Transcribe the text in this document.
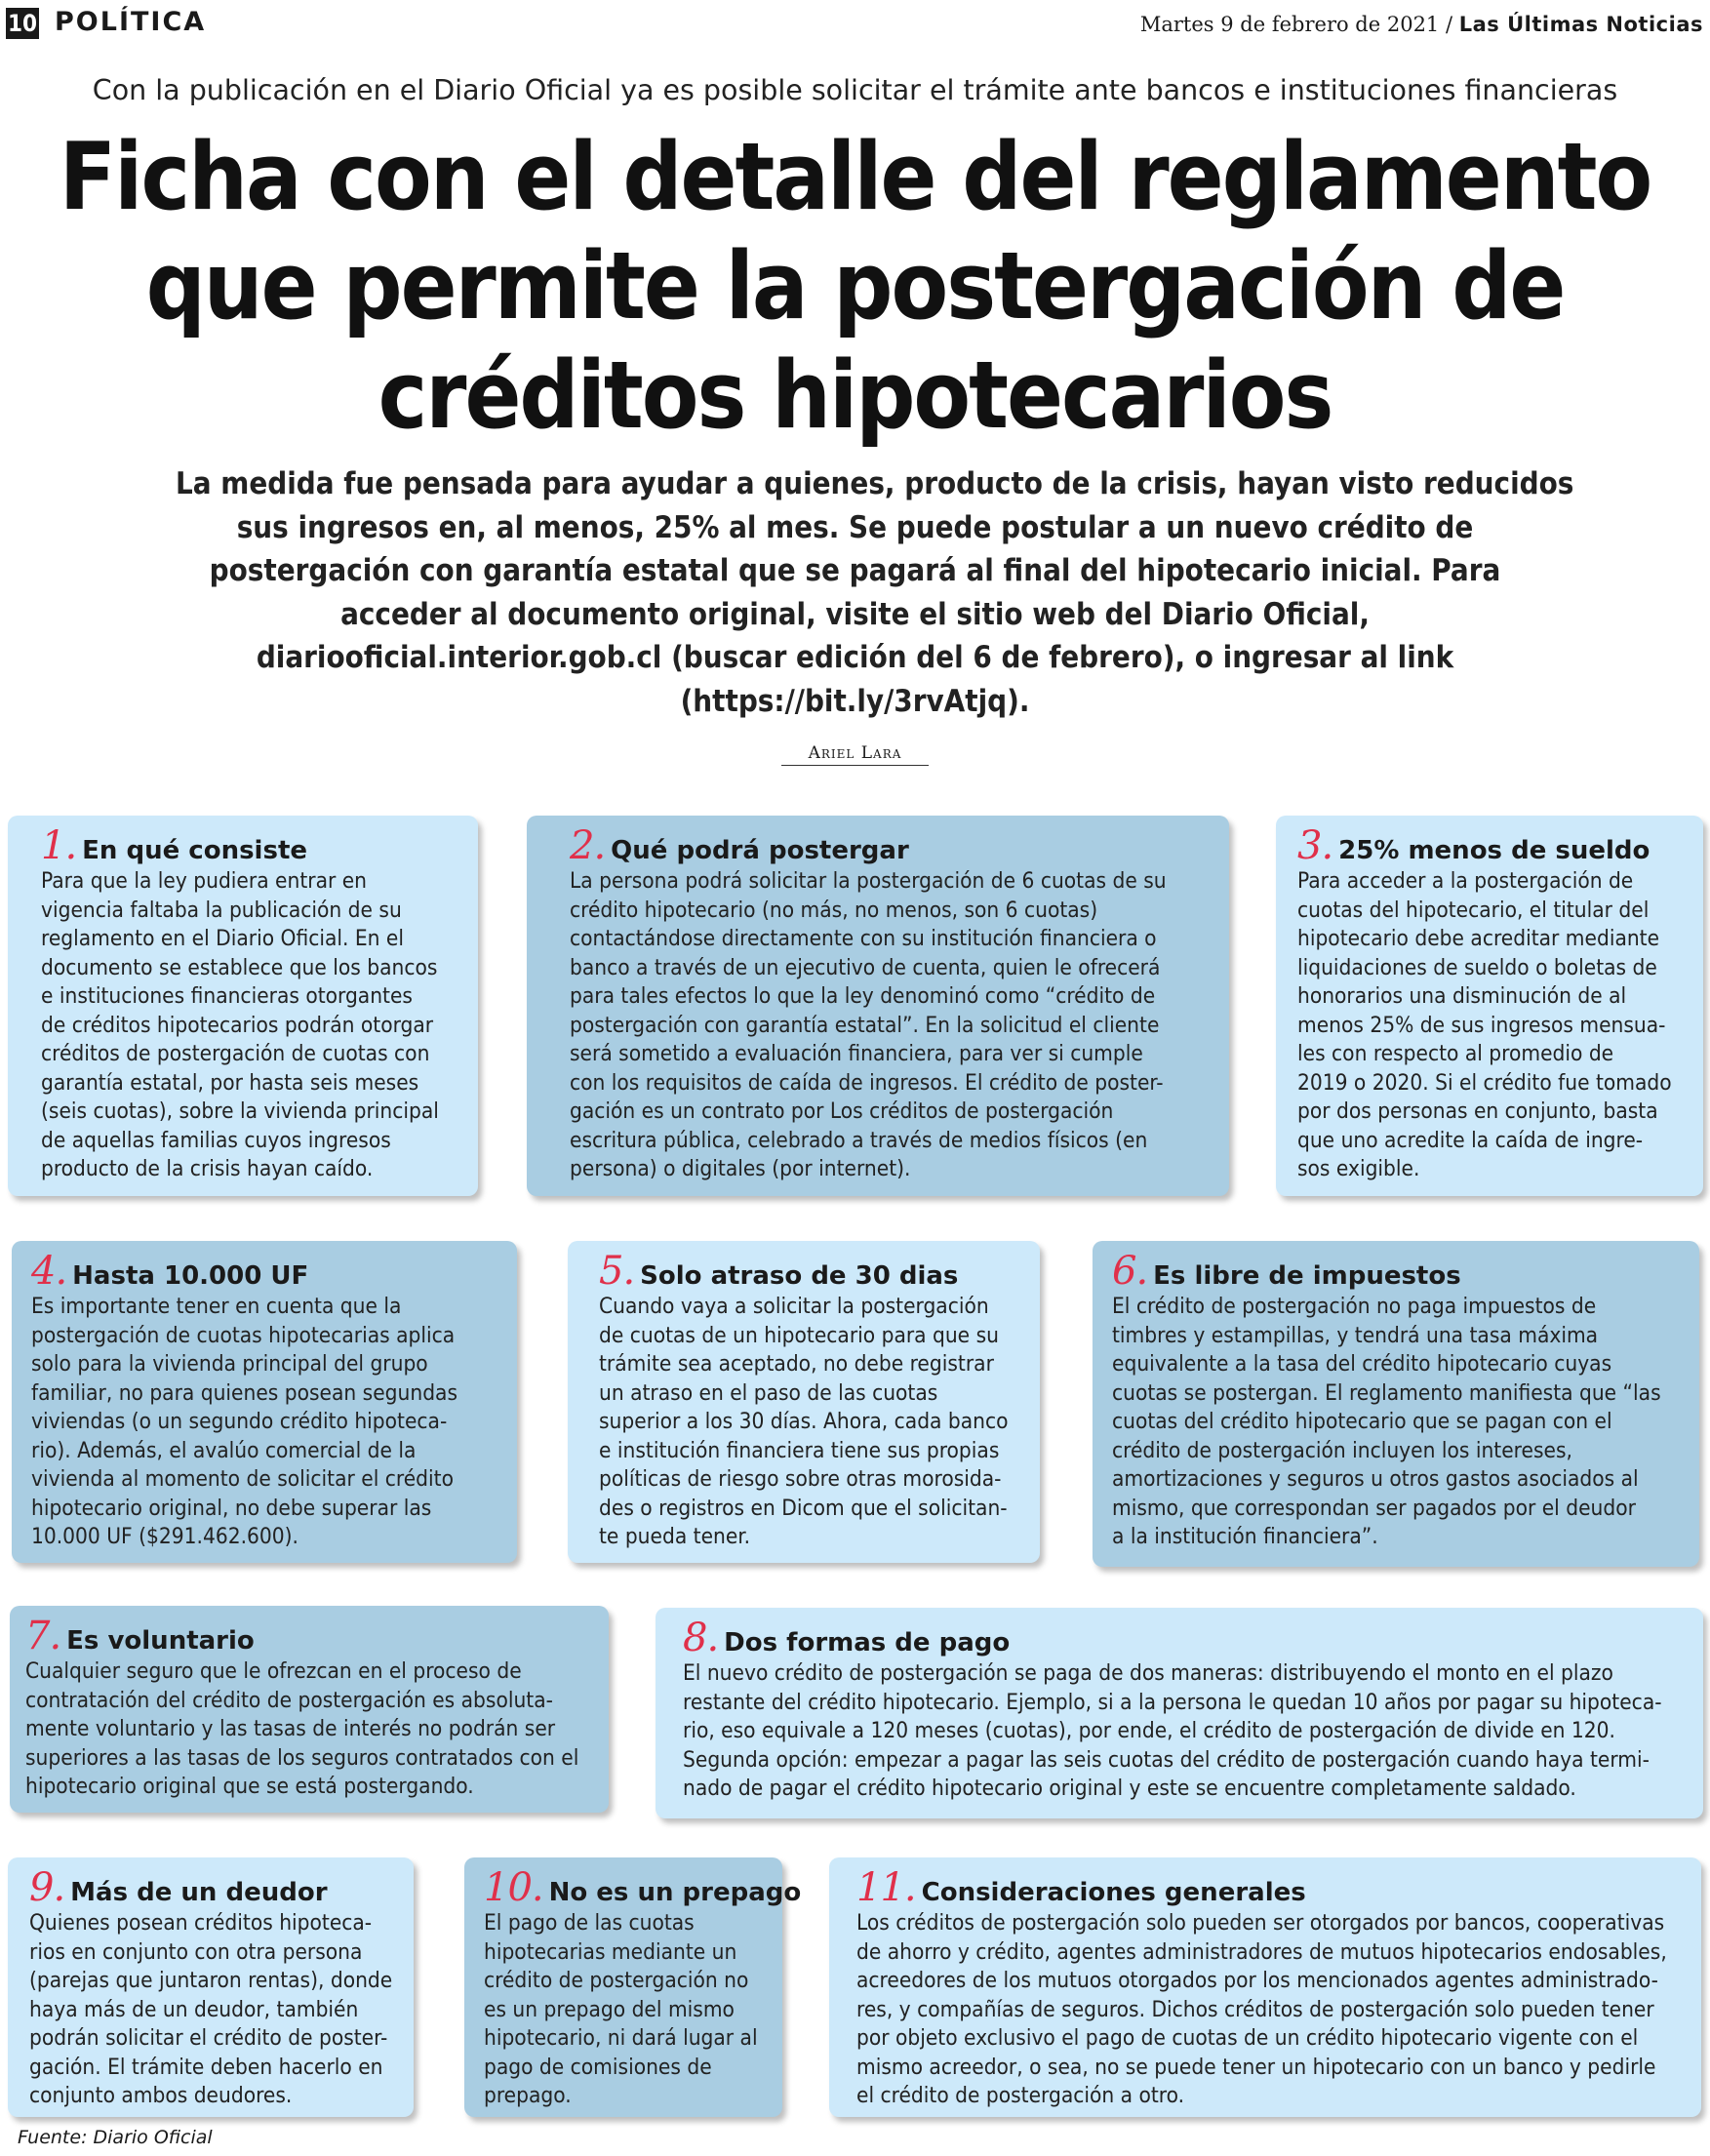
10 POLÍTICA	Martes 9 de febrero de 2021 / Las Últimas Noticias
Con la publicación en el Diario Oficial ya es posible solicitar el trámite ante bancos e instituciones financieras
Ficha con el detalle del reglamento
que permite la postergación de
créditos hipotecarios
La medida fue pensada para ayudar a quienes, producto de la crisis, hayan visto reducidos
sus ingresos en, al menos, 25% al mes. Se puede postular a un nuevo crédito de
postergación con garantía estatal que se pagará al final del hipotecario inicial. Para
acceder al documento original, visite el sitio web del Diario Oficial,
diariooficial.interior.gob.cl (buscar edición del 6 de febrero), o ingresar al link
(https://bit.ly/3rvAtjq).
Ariel Lara
1. En qué consiste
Para que la ley pudiera entrar en
vigencia faltaba la publicación de su
reglamento en el Diario Oficial. En el
documento se establece que los bancos
e instituciones financieras otorgantes
de créditos hipotecarios podrán otorgar
créditos de postergación de cuotas con
garantía estatal, por hasta seis meses
(seis cuotas), sobre la vivienda principal
de aquellas familias cuyos ingresos
producto de la crisis hayan caído.
2. Qué podrá postergar
La persona podrá solicitar la postergación de 6 cuotas de su
crédito hipotecario (no más, no menos, son 6 cuotas)
contactándose directamente con su institución financiera o
banco a través de un ejecutivo de cuenta, quien le ofrecerá
para tales efectos lo que la ley denominó como “crédito de
postergación con garantía estatal”. En la solicitud el cliente
será sometido a evaluación financiera, para ver si cumple
con los requisitos de caída de ingresos. El crédito de poster-
gación es un contrato por Los créditos de postergación
escritura pública, celebrado a través de medios físicos (en
persona) o digitales (por internet).
3. 25% menos de sueldo
Para acceder a la postergación de
cuotas del hipotecario, el titular del
hipotecario debe acreditar mediante
liquidaciones de sueldo o boletas de
honorarios una disminución de al
menos 25% de sus ingresos mensua-
les con respecto al promedio de
2019 o 2020. Si el crédito fue tomado
por dos personas en conjunto, basta
que uno acredite la caída de ingre-
sos exigible.
4. Hasta 10.000 UF
Es importante tener en cuenta que la
postergación de cuotas hipotecarias aplica
solo para la vivienda principal del grupo
familiar, no para quienes posean segundas
viviendas (o un segundo crédito hipoteca-
rio). Además, el avalúo comercial de la
vivienda al momento de solicitar el crédito
hipotecario original, no debe superar las
10.000 UF ($291.462.600).
5. Solo atraso de 30 dias
Cuando vaya a solicitar la postergación
de cuotas de un hipotecario para que su
trámite sea aceptado, no debe registrar
un atraso en el paso de las cuotas
superior a los 30 días. Ahora, cada banco
e institución financiera tiene sus propias
políticas de riesgo sobre otras morosida-
des o registros en Dicom que el solicitan-
te pueda tener.
6. Es libre de impuestos
El crédito de postergación no paga impuestos de
timbres y estampillas, y tendrá una tasa máxima
equivalente a la tasa del crédito hipotecario cuyas
cuotas se postergan. El reglamento manifiesta que “las
cuotas del crédito hipotecario que se pagan con el
crédito de postergación incluyen los intereses,
amortizaciones y seguros u otros gastos asociados al
mismo, que correspondan ser pagados por el deudor
a la institución financiera”.
7. Es voluntario
Cualquier seguro que le ofrezcan en el proceso de
contratación del crédito de postergación es absoluta-
mente voluntario y las tasas de interés no podrán ser
superiores a las tasas de los seguros contratados con el
hipotecario original que se está postergando.
8. Dos formas de pago
El nuevo crédito de postergación se paga de dos maneras: distribuyendo el monto en el plazo
restante del crédito hipotecario. Ejemplo, si a la persona le quedan 10 años por pagar su hipoteca-
rio, eso equivale a 120 meses (cuotas), por ende, el crédito de postergación de divide en 120.
Segunda opción: empezar a pagar las seis cuotas del crédito de postergación cuando haya termi-
nado de pagar el crédito hipotecario original y este se encuentre completamente saldado.
9. Más de un deudor
Quienes posean créditos hipoteca-
rios en conjunto con otra persona
(parejas que juntaron rentas), donde
haya más de un deudor, también
podrán solicitar el crédito de poster-
gación. El trámite deben hacerlo en
conjunto ambos deudores.
10. No es un prepago
El pago de las cuotas
hipotecarias mediante un
crédito de postergación no
es un prepago del mismo
hipotecario, ni dará lugar al
pago de comisiones de
prepago.
11. Consideraciones generales
Los créditos de postergación solo pueden ser otorgados por bancos, cooperativas
de ahorro y crédito, agentes administradores de mutuos hipotecarios endosables,
acreedores de los mutuos otorgados por los mencionados agentes administrado-
res, y compañías de seguros. Dichos créditos de postergación solo pueden tener
por objeto exclusivo el pago de cuotas de un crédito hipotecario vigente con el
mismo acreedor, o sea, no se puede tener un hipotecario con un banco y pedirle
el crédito de postergación a otro.
Fuente: Diario Oficial
